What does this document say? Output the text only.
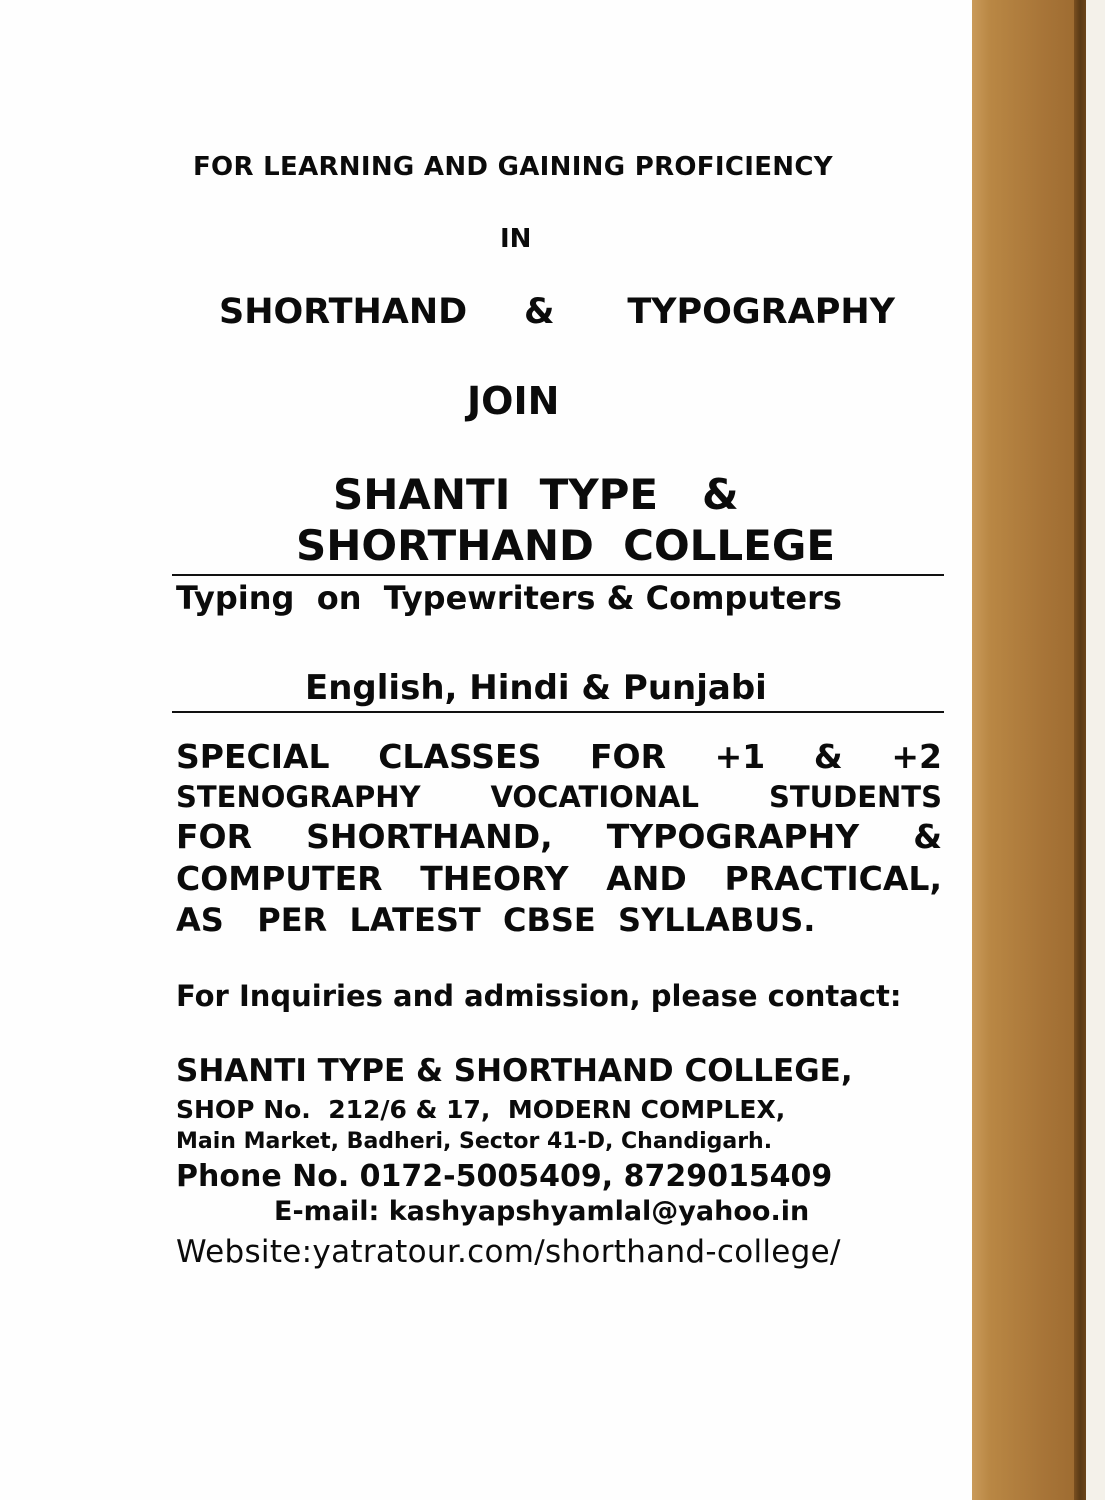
FOR LEARNING AND GAINING PROFICIENCY
IN
SHORTHAND & TYPOGRAPHY
JOIN
SHANTI  TYPE   &
SHORTHAND  COLLEGE
Typing  on  Typewriters & Computers
English, Hindi & Punjabi
SPECIAL CLASSES FOR +1 & +2
STENOGRAPHY VOCATIONAL STUDENTS
FOR SHORTHAND, TYPOGRAPHY &
COMPUTER THEORY AND PRACTICAL,
AS   PER  LATEST  CBSE  SYLLABUS.
For Inquiries and admission, please contact:
SHANTI TYPE & SHORTHAND COLLEGE,
SHOP No.  212/6 & 17,  MODERN COMPLEX,
Main Market, Badheri, Sector 41-D, Chandigarh.
Phone No. 0172-5005409, 8729015409
E-mail: kashyapshyamlal@yahoo.in
Website:yatratour.com/shorthand-college/
